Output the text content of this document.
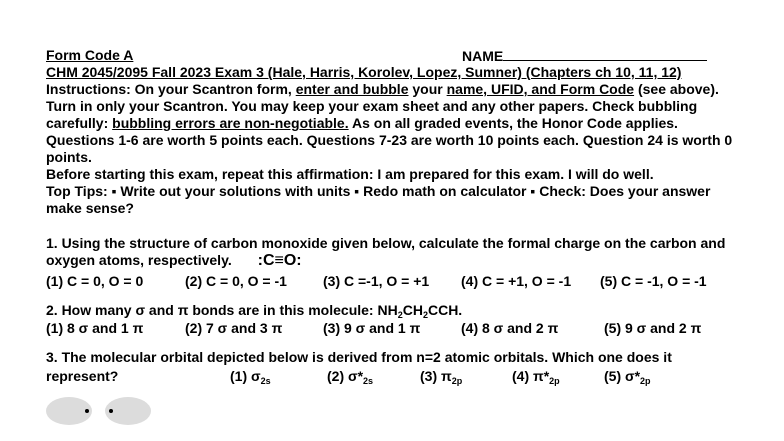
Form Code A	NAME
CHM 2045/2095 Fall 2023 Exam 3 (Hale, Harris, Korolev, Lopez, Sumner) (Chapters ch 10, 11, 12)
Instructions: On your Scantron form, enter and bubble your name, UFID, and Form Code (see above). Turn in only your Scantron. You may keep your exam sheet and any other papers. Check bubbling carefully: bubbling errors are non-negotiable. As on all graded events, the Honor Code applies. Questions 1-6 are worth 5 points each. Questions 7-23 are worth 10 points each. Question 24 is worth 0 points.
Before starting this exam, repeat this affirmation: I am prepared for this exam. I will do well.
Top Tips: ▪ Write out your solutions with units ▪ Redo math on calculator ▪ Check: Does your answer make sense?
1. Using the structure of carbon monoxide given below, calculate the formal charge on the carbon and oxygen atoms, respectively. :C≡O:
(1) C = 0, O = 0	(2) C = 0, O = -1	(3) C =-1, O = +1 (4) C = +1, O = -1 (5) C = -1, O = -1
2. How many σ and π bonds are in this molecule: $NH_2CH_2CCH$.
(1) 8 σ and 1 π	(2) 7 σ and 3 π	(3) 9 σ and 1 π	(4) 8 σ and 2 π	(5) 9 σ and 2 π
3. The molecular orbital depicted below is derived from n=2 atomic orbitals. Which one does it
represent?	(1) $\sigma_{2s}$	(2) $\sigma*_{2s}$	(3) $\pi_{2p}$	(4) $\pi*_{2p}$	(5) $\sigma*_{2p}$
